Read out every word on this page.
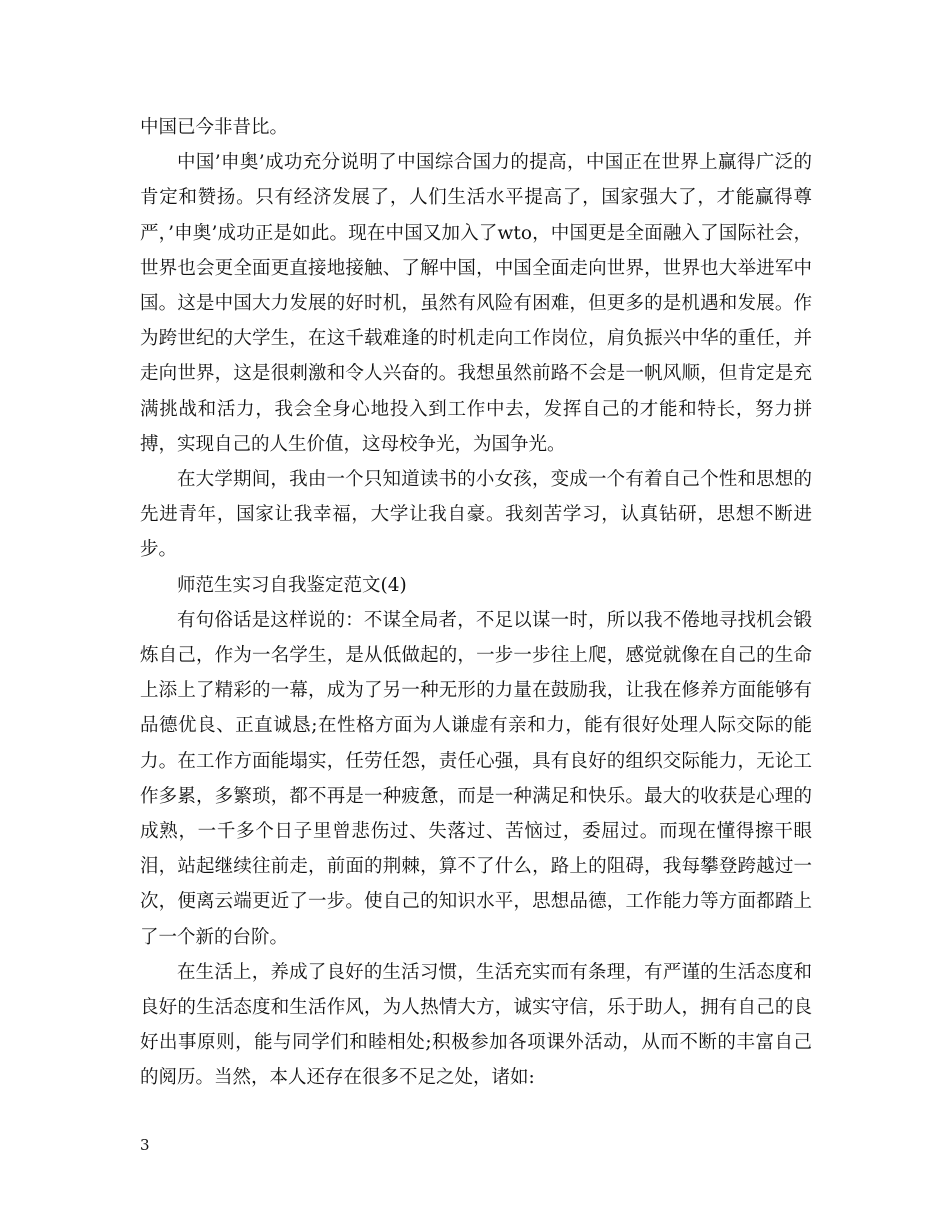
中国已今非昔比。

中国’申奥’成功充分说明了中国综合国力的提高，中国正在世界上赢得广泛的肯定和赞扬。只有经济发展了，人们生活水平提高了，国家强大了，才能赢得尊严，’申奥’成功正是如此。现在中国又加入了wto，中国更是全面融入了国际社会，世界也会更全面更直接地接触、了解中国，中国全面走向世界，世界也大举进军中国。这是中国大力发展的好时机，虽然有风险有困难，但更多的是机遇和发展。作为跨世纪的大学生，在这千载难逢的时机走向工作岗位，肩负振兴中华的重任，并走向世界，这是很刺激和令人兴奋的。我想虽然前路不会是一帆风顺，但肯定是充满挑战和活力，我会全身心地投入到工作中去，发挥自己的才能和特长，努力拼搏，实现自己的人生价值，这母校争光，为国争光。

在大学期间，我由一个只知道读书的小女孩，变成一个有着自己个性和思想的先进青年，国家让我幸福，大学让我自豪。我刻苦学习，认真钻研，思想不断进步。

师范生实习自我鉴定范文(4)

有句俗话是这样说的：不谋全局者，不足以谋一时，所以我不倦地寻找机会锻炼自己，作为一名学生，是从低做起的，一步一步往上爬，感觉就像在自己的生命上添上了精彩的一幕，成为了另一种无形的力量在鼓励我，让我在修养方面能够有品德优良、正直诚恳;在性格方面为人谦虚有亲和力，能有很好处理人际交际的能力。在工作方面能塌实，任劳任怨，责任心强，具有良好的组织交际能力，无论工作多累，多繁琐，都不再是一种疲惫，而是一种满足和快乐。最大的收获是心理的成熟，一千多个日子里曾悲伤过、失落过、苦恼过，委屈过。而现在懂得擦干眼泪，站起继续往前走，前面的荆棘，算不了什么，路上的阻碍，我每攀登跨越过一次，便离云端更近了一步。使自己的知识水平，思想品德，工作能力等方面都踏上了一个新的台阶。

在生活上，养成了良好的生活习惯，生活充实而有条理，有严谨的生活态度和良好的生活态度和生活作风，为人热情大方，诚实守信，乐于助人，拥有自己的良好出事原则，能与同学们和睦相处;积极参加各项课外活动，从而不断的丰富自己的阅历。当然，本人还存在很多不足之处，诸如:

3
